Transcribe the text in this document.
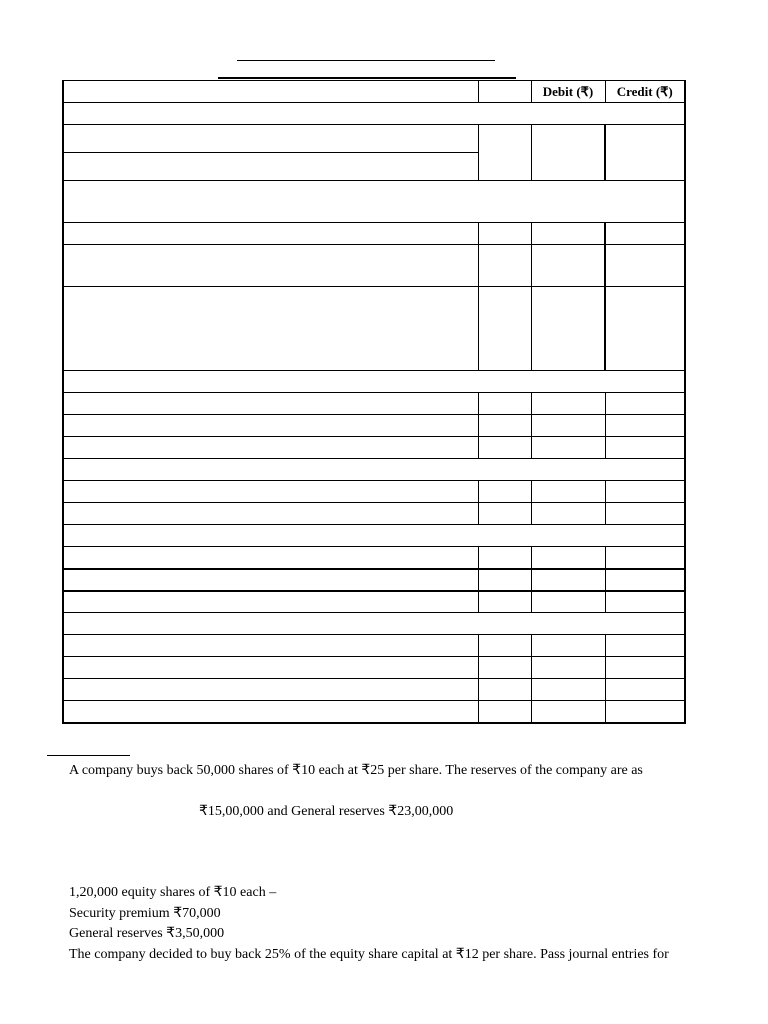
		Debit (₹)	Credit (₹)

A company buys back 50,000 shares of ₹10 each at ₹25 per share. The reserves of the company are as
₹15,00,000 and General reserves ₹23,00,000
1,20,000 equity shares of ₹10 each –
Security premium ₹70,000
General reserves ₹3,50,000
The company decided to buy back 25% of the equity share capital at ₹12 per share. Pass journal entries for
